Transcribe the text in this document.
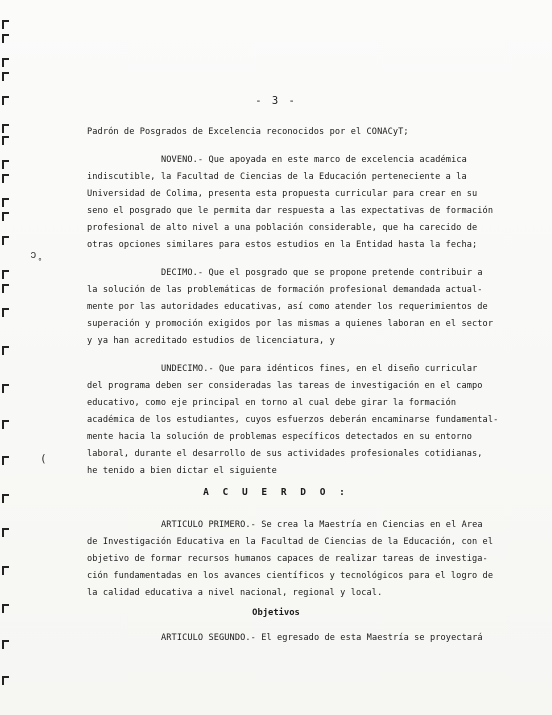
ↄ˳
(
- 3 -
Padrón de Posgrados de Excelencia reconocidos por el CONACyT;
NOVENO.- Que apoyada en este marco de excelencia académica
indiscutible, la Facultad de Ciencias de la Educación perteneciente a la
Universidad de Colima, presenta esta propuesta curricular para crear en su
seno el posgrado que le permita dar respuesta a las expectativas de formación
profesional de alto nivel a una población considerable, que ha carecido de
otras opciones similares para estos estudios en la Entidad hasta la fecha;
DECIMO.- Que el posgrado que se propone pretende contribuir a
la solución de las problemáticas de formación profesional demandada actual-
mente por las autoridades educativas, así como atender los requerimientos de
superación y promoción exigidos por las mismas a quienes laboran en el sector
y ya han acreditado estudios de licenciatura, y
UNDECIMO.- Que para idénticos fines, en el diseño curricular
del programa deben ser consideradas las tareas de investigación en el campo
educativo, como eje principal en torno al cual debe girar la formación
académica de los estudiantes, cuyos esfuerzos deberán encaminarse fundamental-
mente hacia la solución de problemas específicos detectados en su entorno
laboral, durante el desarrollo de sus actividades profesionales cotidianas,
he tenido a bien dictar el siguiente
A C U E R D O :
ARTICULO PRIMERO.- Se crea la Maestría en Ciencias en el Area
de Investigación Educativa en la Facultad de Ciencias de la Educación, con el
objetivo de formar recursos humanos capaces de realizar tareas de investiga-
ción fundamentadas en los avances científicos y tecnológicos para el logro de
la calidad educativa a nivel nacional, regional y local.
Objetivos
ARTICULO SEGUNDO.- El egresado de esta Maestría se proyectará
